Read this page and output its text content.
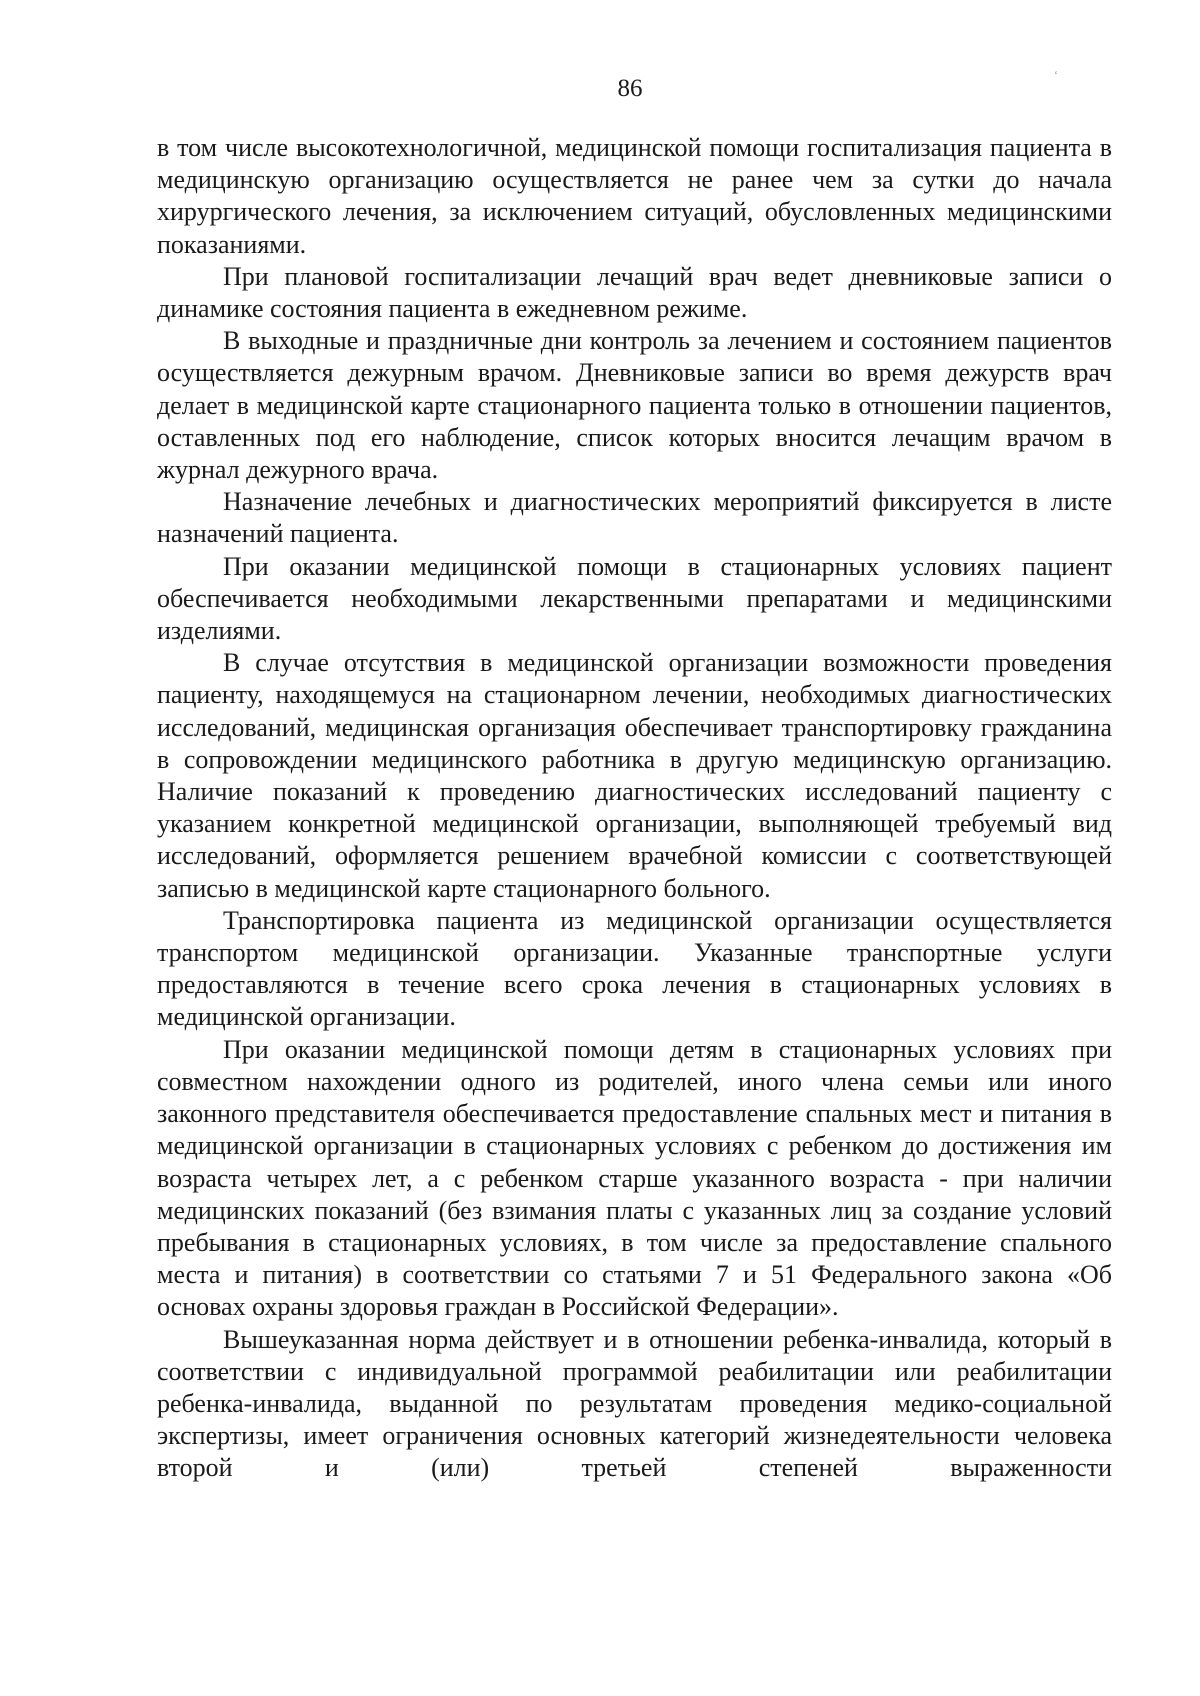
‘
86

в том числе высокотехнологичной, медицинской помощи госпитализация пациента в медицинскую организацию осуществляется не ранее чем за сутки до начала хирургического лечения, за исключением ситуаций, обусловленных медицинскими показаниями.

При плановой госпитализации лечащий врач ведет дневниковые записи о динамике состояния пациента в ежедневном режиме.

В выходные и праздничные дни контроль за лечением и состоянием пациентов осуществляется дежурным врачом. Дневниковые записи во время дежурств врач делает в медицинской карте стационарного пациента только в отношении пациентов, оставленных под его наблюдение, список которых вносится лечащим врачом в журнал дежурного врача.

Назначение лечебных и диагностических мероприятий фиксируется в листе назначений пациента.

При оказании медицинской помощи в стационарных условиях пациент обеспечивается необходимыми лекарственными препаратами и медицинскими изделиями.

В случае отсутствия в медицинской организации возможности проведения пациенту, находящемуся на стационарном лечении, необходимых диагностических исследований, медицинская организация обеспечивает транспортировку гражданина в сопровождении медицинского работника в другую медицинскую организацию. Наличие показаний к проведению диагностических исследований пациенту с указанием конкретной медицинской организации, выполняющей требуемый вид исследований, оформляется решением врачебной комиссии с соответствующей записью в медицинской карте стационарного больного.

Транспортировка пациента из медицинской организации осуществляется транспортом медицинской организации. Указанные транспортные услуги предоставляются в течение всего срока лечения в стационарных условиях в медицинской организации.

При оказании медицинской помощи детям в стационарных условиях при совместном нахождении одного из родителей, иного члена семьи или иного законного представителя обеспечивается предоставление спальных мест и питания в медицинской организации в стационарных условиях с ребенком до достижения им возраста четырех лет, а с ребенком старше указанного возраста - при наличии медицинских показаний (без взимания платы с указанных лиц за создание условий пребывания в стационарных условиях, в том числе за предоставление спального места и питания) в соответствии со статьями 7 и 51 Федерального закона «Об основах охраны здоровья граждан в Российской Федерации».

Вышеуказанная норма действует и в отношении ребенка-инвалида, который в соответствии с индивидуальной программой реабилитации или реабилитации ребенка-инвалида, выданной по результатам проведения медико-социальной экспертизы, имеет ограничения основных категорий жизнедеятельности человека второй и (или) третьей степеней выраженности
